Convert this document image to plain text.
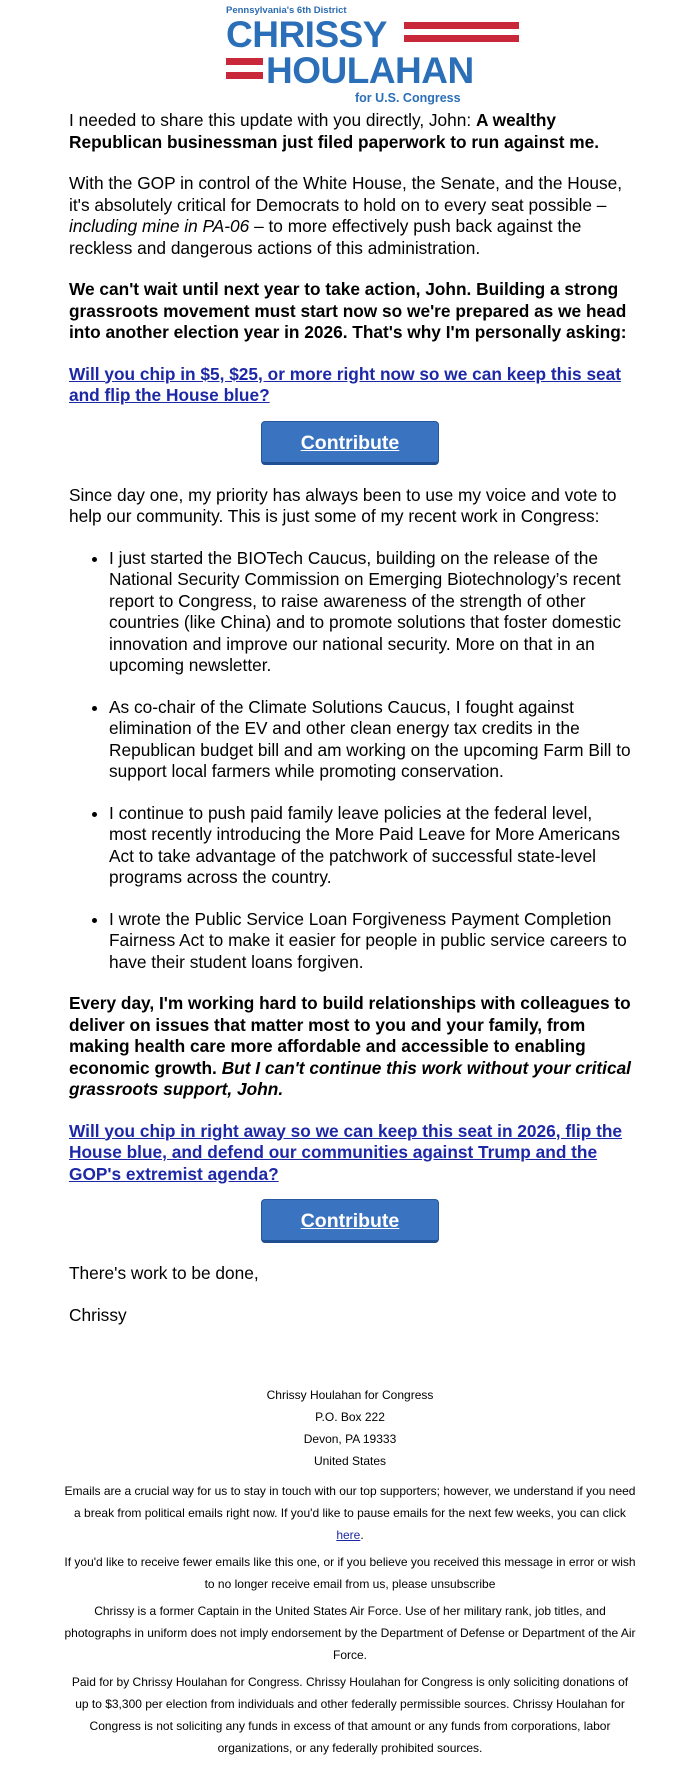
Pennsylvania's 6th District
CHRISSY
HOULAHAN
for U.S. Congress

I needed to share this update with you directly, John: A wealthy Republican businessman just filed paperwork to run against me.

With the GOP in control of the White House, the Senate, and the House, it's absolutely critical for Democrats to hold on to every seat possible – including mine in PA-06 – to more effectively push back against the reckless and dangerous actions of this administration.

We can't wait until next year to take action, John. Building a strong grassroots movement must start now so we're prepared as we head into another election year in 2026. That's why I'm personally asking:

Will you chip in $5, $25, or more right now so we can keep this seat and flip the House blue?

Contribute

Since day one, my priority has always been to use my voice and vote to help our community. This is just some of my recent work in Congress:

• I just started the BIOTech Caucus, building on the release of the National Security Commission on Emerging Biotechnology’s recent report to Congress, to raise awareness of the strength of other countries (like China) and to promote solutions that foster domestic innovation and improve our national security. More on that in an upcoming newsletter.
• As co-chair of the Climate Solutions Caucus, I fought against elimination of the EV and other clean energy tax credits in the Republican budget bill and am working on the upcoming Farm Bill to support local farmers while promoting conservation.
• I continue to push paid family leave policies at the federal level, most recently introducing the More Paid Leave for More Americans Act to take advantage of the patchwork of successful state-level programs across the country.
• I wrote the Public Service Loan Forgiveness Payment Completion Fairness Act to make it easier for people in public service careers to have their student loans forgiven.

Every day, I'm working hard to build relationships with colleagues to deliver on issues that matter most to you and your family, from making health care more affordable and accessible to enabling economic growth. But I can't continue this work without your critical grassroots support, John.

Will you chip in right away so we can keep this seat in 2026, flip the House blue, and defend our communities against Trump and the GOP's extremist agenda?

Contribute

There's work to be done,

Chrissy

Chrissy Houlahan for Congress
P.O. Box 222
Devon, PA 19333
United States

Emails are a crucial way for us to stay in touch with our top supporters; however, we understand if you need a break from political emails right now. If you'd like to pause emails for the next few weeks, you can click here.

If you'd like to receive fewer emails like this one, or if you believe you received this message in error or wish to no longer receive email from us, please unsubscribe

Chrissy is a former Captain in the United States Air Force. Use of her military rank, job titles, and photographs in uniform does not imply endorsement by the Department of Defense or Department of the Air Force.

Paid for by Chrissy Houlahan for Congress. Chrissy Houlahan for Congress is only soliciting donations of up to $3,300 per election from individuals and other federally permissible sources. Chrissy Houlahan for Congress is not soliciting any funds in excess of that amount or any funds from corporations, labor organizations, or any federally prohibited sources.
